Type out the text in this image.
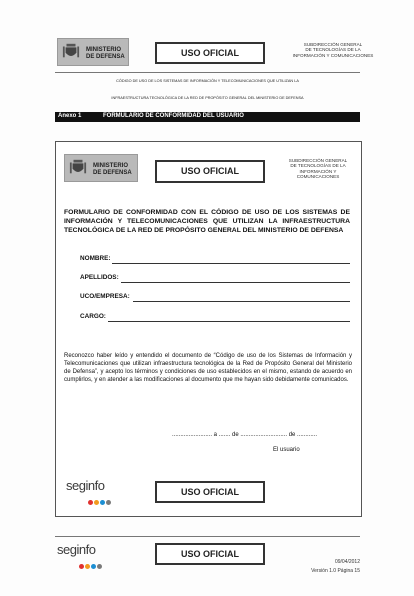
MINISTERIO
DE DEFENSA	USO OFICIAL
SUBDIRECCIÓN GENERAL
DE TECNOLOGÍAS DE LA
INFORMACIÓN Y COMUNICACIONES
CÓDIGO DE USO DE LOS SISTEMAS DE INFORMACIÓN Y TELECOMUNICACIONES QUE UTILIZAN LA
INFRAESTRUCTURA TECNOLÓGICA DE LA RED DE PROPÓSITO GENERAL DEL MINISTERIO DE DEFENSA
Anexo 1	FORMULARIO DE CONFORMIDAD DEL USUARIO
MINISTERIO
DE DEFENSA	USO OFICIAL
SUBDIRECCIÓN GENERAL
DE TECNOLOGÍAS DE LA
INFORMACIÓN Y COMUNICACIONES
FORMULARIO DE CONFORMIDAD CON EL CÓDIGO DE USO DE LOS SISTEMAS DE INFORMACIÓN Y TELECOMUNICACIONES QUE UTILIZAN LA INFRAESTRUCTURA TECNOLÓGICA DE LA RED DE PROPÓSITO GENERAL DEL MINISTERIO DE DEFENSA
NOMBRE:
APELLIDOS:
UCO/EMPRESA:
CARGO:
Reconozco haber leído y entendido el documento de “Código de uso de los Sistemas de Información y Telecomunicaciones que utilizan infraestructura tecnológica de la Red de Propósito General del Ministerio de Defensa”, y acepto los términos y condiciones de uso establecidos en el mismo, estando de acuerdo en cumplirlos, y en atender a las modificaciones al documento que me hayan sido debidamente comunicados.
........................ a ....... de ............................ de ............
El usuario
seginfo	USO OFICIAL
seginfo	USO OFICIAL
09/04/2012
Versión 1.0 Página 15
